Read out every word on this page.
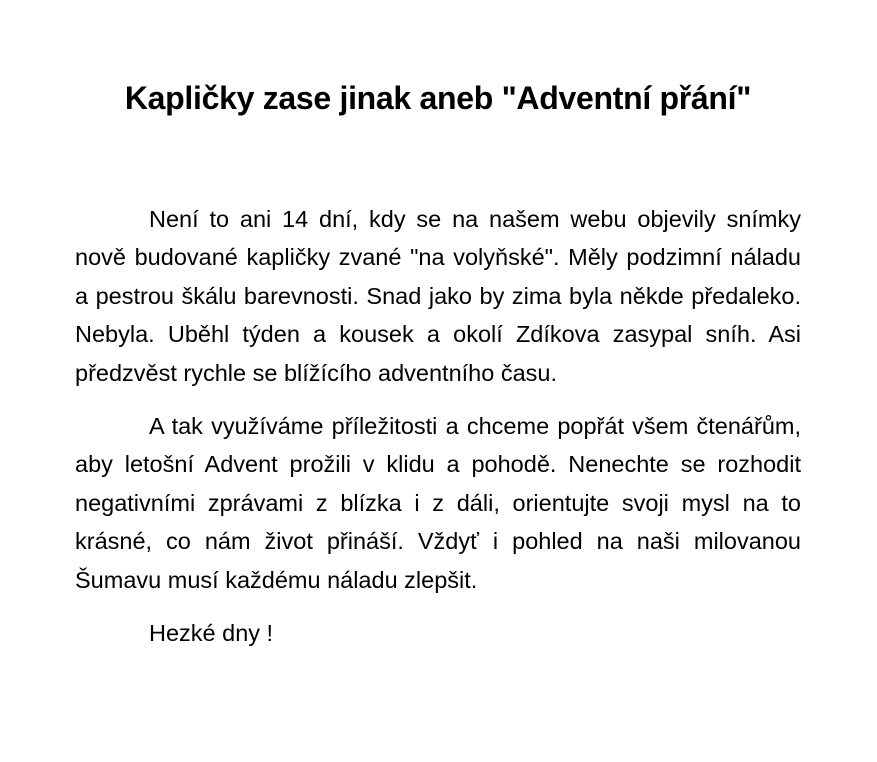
Kapličky zase jinak aneb "Adventní přání"

Není to ani 14 dní, kdy se na našem webu objevily snímky nově budované kapličky zvané "na volyňské". Měly podzimní náladu a pestrou škálu barevnosti. Snad jako by zima byla někde předaleko. Nebyla. Uběhl týden a kousek a okolí Zdíkova zasypal sníh. Asi předzvěst rychle se blížícího adventního času.

A tak využíváme příležitosti a chceme popřát všem čtenářům, aby letošní Advent prožili v klidu a pohodě. Nenechte se rozhodit negativními zprávami z blízka i z dáli, orientujte svoji mysl na to krásné, co nám život přináší. Vždyť i pohled na naši milovanou Šumavu musí každému náladu zlepšit.

Hezké dny !
